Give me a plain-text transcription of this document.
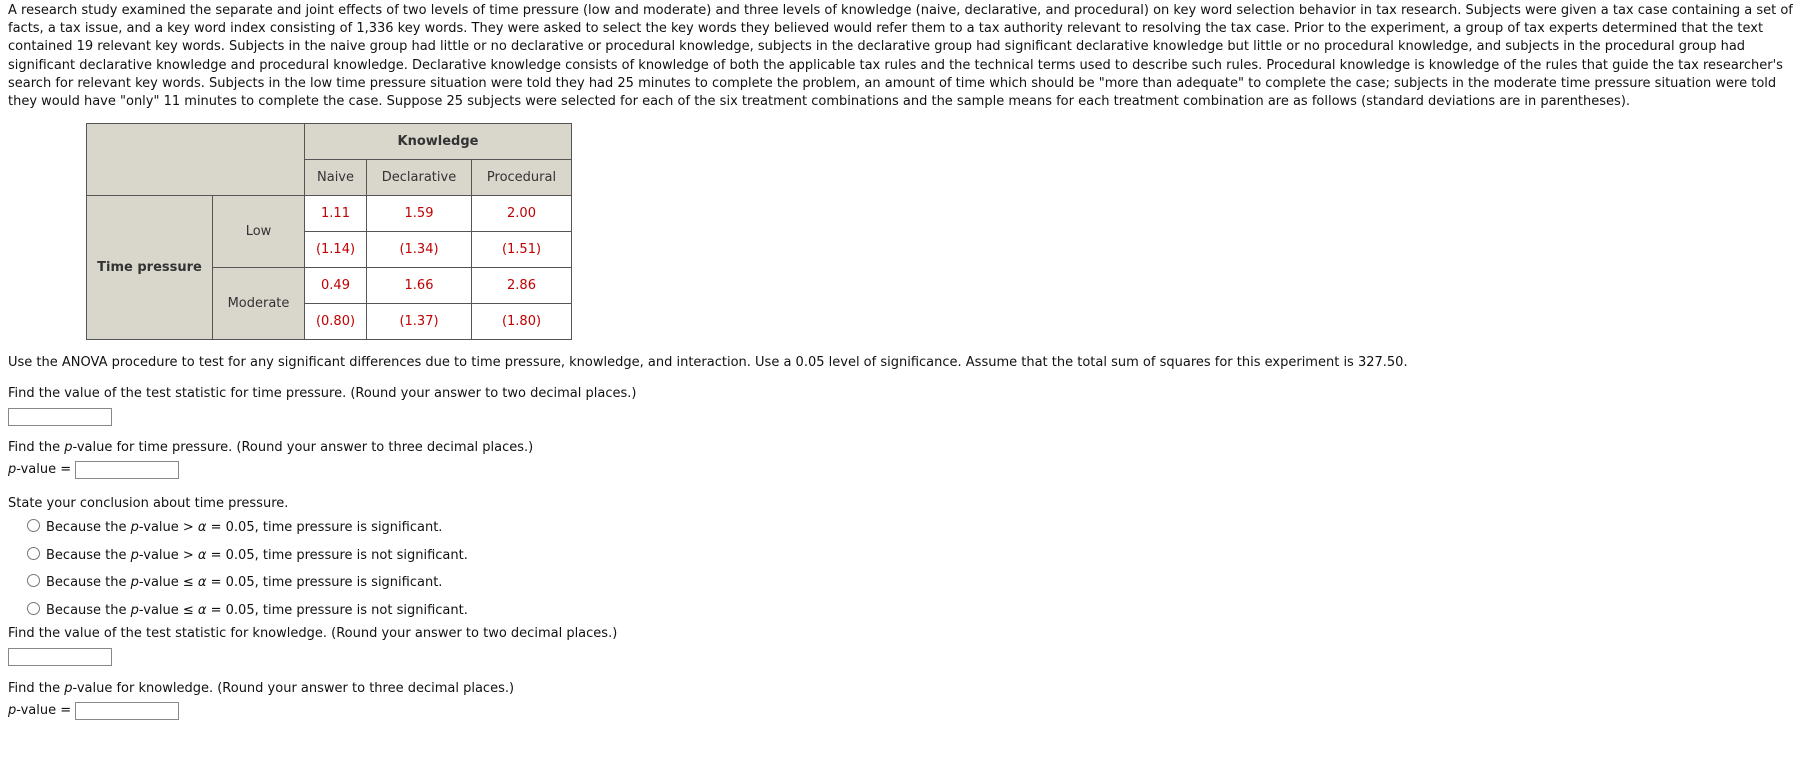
A research study examined the separate and joint effects of two levels of time pressure (low and moderate) and three levels of knowledge (naive, declarative, and procedural) on key word selection behavior in tax research. Subjects were given a tax case containing a set of facts, a tax issue, and a key word index consisting of 1,336 key words. They were asked to select the key words they believed would refer them to a tax authority relevant to resolving the tax case. Prior to the experiment, a group of tax experts determined that the text contained 19 relevant key words. Subjects in the naive group had little or no declarative or procedural knowledge, subjects in the declarative group had significant declarative knowledge but little or no procedural knowledge, and subjects in the procedural group had significant declarative knowledge and procedural knowledge. Declarative knowledge consists of knowledge of both the applicable tax rules and the technical terms used to describe such rules. Procedural knowledge is knowledge of the rules that guide the tax researcher's search for relevant key words. Subjects in the low time pressure situation were told they had 25 minutes to complete the problem, an amount of time which should be "more than adequate" to complete the case; subjects in the moderate time pressure situation were told they would have "only" 11 minutes to complete the case. Suppose 25 subjects were selected for each of the six treatment combinations and the sample means for each treatment combination are as follows (standard deviations are in parentheses).

		Knowledge		
		Naive	Declarative	Procedural
Time pressure	Low	1.11	1.59	2.00
		(1.14)	(1.34)	(1.51)
	Moderate	0.49	1.66	2.86
		(0.80)	(1.37)	(1.80)

Use the ANOVA procedure to test for any significant differences due to time pressure, knowledge, and interaction. Use a 0.05 level of significance. Assume that the total sum of squares for this experiment is 327.50.

Find the value of the test statistic for time pressure. (Round your answer to two decimal places.)

Find the p-value for time pressure. (Round your answer to three decimal places.)

p-value =

State your conclusion about time pressure.

Because the p-value > α = 0.05, time pressure is significant.

Because the p-value > α = 0.05, time pressure is not significant.

Because the p-value ≤ α = 0.05, time pressure is significant.

Because the p-value ≤ α = 0.05, time pressure is not significant.

Find the value of the test statistic for knowledge. (Round your answer to two decimal places.)

Find the p-value for knowledge. (Round your answer to three decimal places.)

p-value =
